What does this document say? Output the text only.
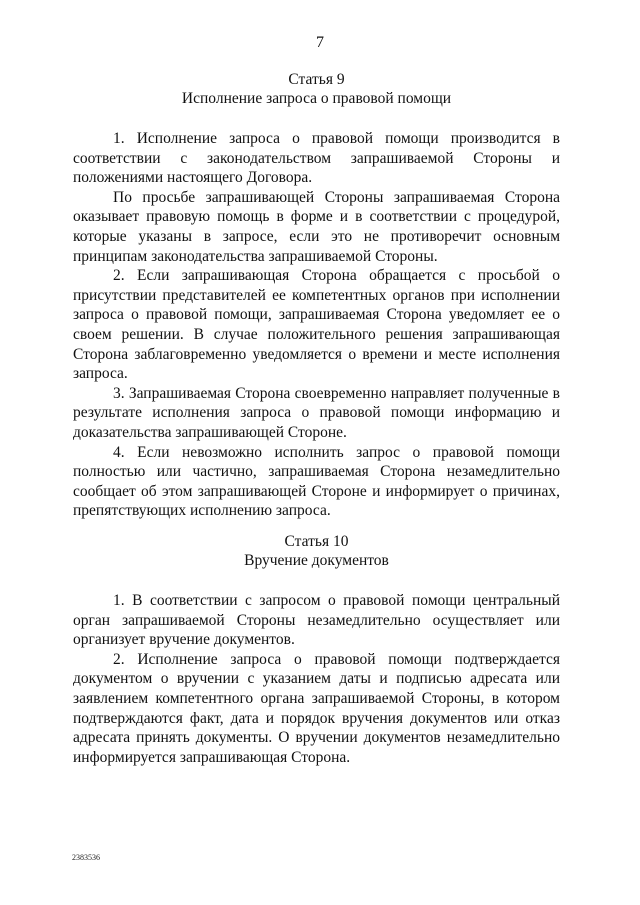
7
Статья 9
Исполнение запроса о правовой помощи

1. Исполнение запроса о правовой помощи производится в соответствии с законодательством запрашиваемой Стороны и положениями настоящего Договора.

По просьбе запрашивающей Стороны запрашиваемая Сторона оказывает правовую помощь в форме и в соответствии с процедурой, которые указаны в запросе, если это не противоречит основным принципам законодательства запрашиваемой Стороны.

2. Если запрашивающая Сторона обращается с просьбой о присутствии представителей ее компетентных органов при исполнении запроса о правовой помощи, запрашиваемая Сторона уведомляет ее о своем решении. В случае положительного решения запрашивающая Сторона заблаговременно уведомляется о времени и месте исполнения запроса.

3. Запрашиваемая Сторона своевременно направляет полученные в результате исполнения запроса о правовой помощи информацию и доказательства запрашивающей Стороне.

4. Если невозможно исполнить запрос о правовой помощи полностью или частично, запрашиваемая Сторона незамедлительно сообщает об этом запрашивающей Стороне и информирует о причинах, препятствующих исполнению запроса.

Статья 10
Вручение документов

1. В соответствии с запросом о правовой помощи центральный орган запрашиваемой Стороны незамедлительно осуществляет или организует вручение документов.

2. Исполнение запроса о правовой помощи подтверждается документом о вручении с указанием даты и подписью адресата или заявлением компетентного органа запрашиваемой Стороны, в котором подтверждаются факт, дата и порядок вручения документов или отказ адресата принять документы. О вручении документов незамедлительно информируется запрашивающая Сторона.

2383536
